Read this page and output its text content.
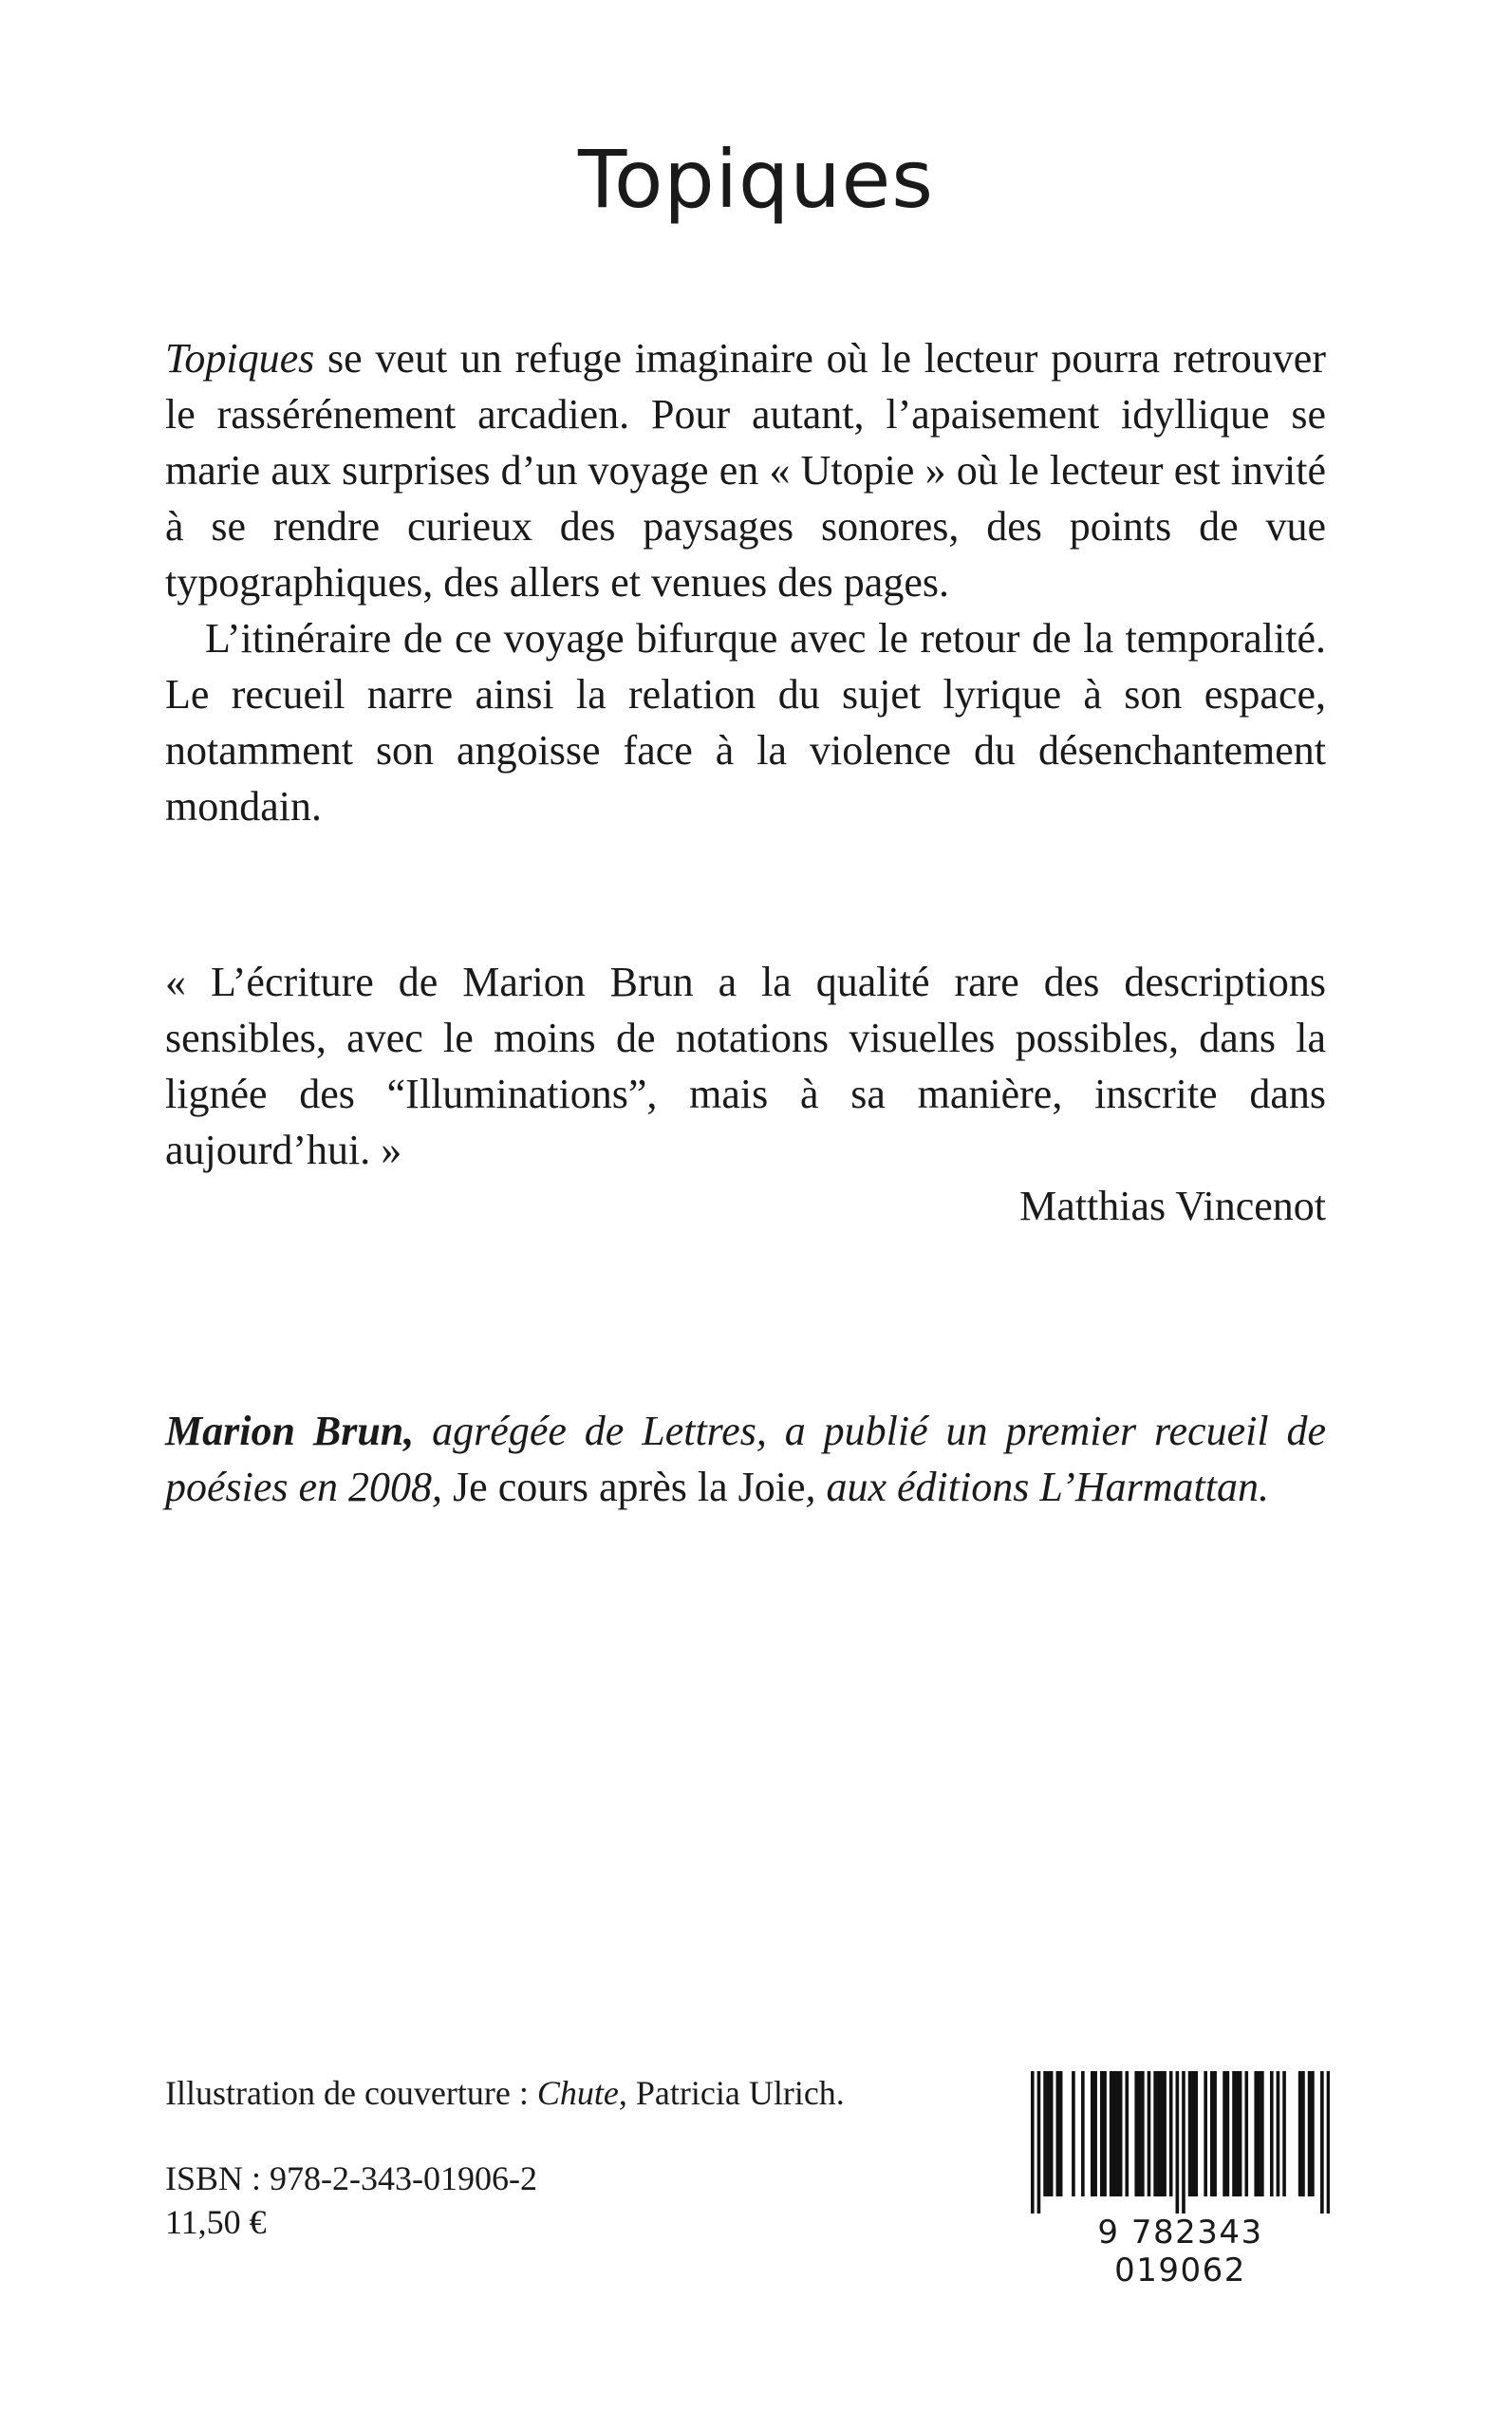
Topiques

Topiques se veut un refuge imaginaire où le lecteur pourra retrouver le rassérénement arcadien. Pour autant, l’apaisement idyllique se marie aux surprises d’un voyage en « Utopie » où le lecteur est invité à se rendre curieux des paysages sonores, des points de vue typographiques, des allers et venues des pages.

L’itinéraire de ce voyage bifurque avec le retour de la temporalité. Le recueil narre ainsi la relation du sujet lyrique à son espace, notamment son angoisse face à la violence du désenchantement mondain.

« L’écriture de Marion Brun a la qualité rare des descriptions sensibles, avec le moins de notations visuelles possibles, dans la lignée des “Illuminations”, mais à sa manière, inscrite dans aujourd’hui. »

Matthias Vincenot

Marion Brun, agrégée de Lettres, a publié un premier recueil de poésies en 2008, Je cours après la Joie, aux éditions L’Harmattan.

Illustration de couverture : Chute, Patricia Ulrich.
ISBN : 978-2-343-01906-2
11,50 €	9 782343 019062
